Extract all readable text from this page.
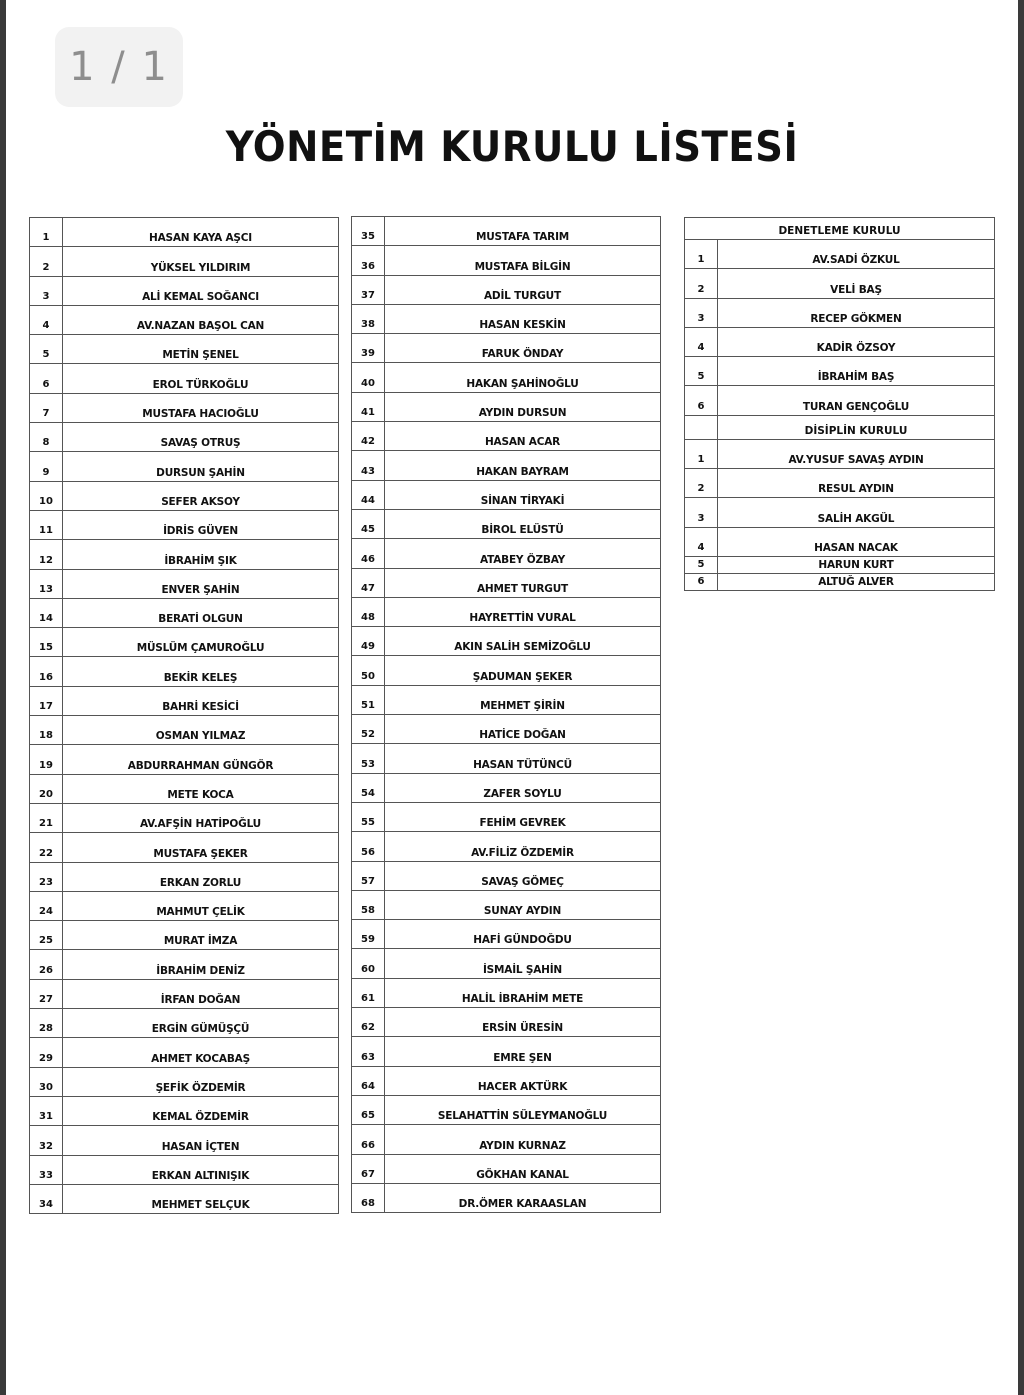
1 / 1
YÖNETİM KURULU LİSTESİ
1	HASAN KAYA AŞCI
2	YÜKSEL YILDIRIM
3	ALİ KEMAL SOĞANCI
4	AV.NAZAN BAŞOL CAN
5	METİN ŞENEL
6	EROL TÜRKOĞLU
7	MUSTAFA HACIOĞLU
8	SAVAŞ OTRUŞ
9	DURSUN ŞAHİN
10	SEFER AKSOY
11	İDRİS GÜVEN
12	İBRAHİM ŞIK
13	ENVER ŞAHİN
14	BERATİ OLGUN
15	MÜSLÜM ÇAMUROĞLU
16	BEKİR KELEŞ
17	BAHRİ KESİCİ
18	OSMAN YILMAZ
19	ABDURRAHMAN GÜNGÖR
20	METE KOCA
21	AV.AFŞİN HATİPOĞLU
22	MUSTAFA ŞEKER
23	ERKAN ZORLU
24	MAHMUT ÇELİK
25	MURAT İMZA
26	İBRAHİM DENİZ
27	İRFAN DOĞAN
28	ERGİN GÜMÜŞÇÜ
29	AHMET KOCABAŞ
30	ŞEFİK ÖZDEMİR
31	KEMAL ÖZDEMİR
32	HASAN İÇTEN
33	ERKAN ALTINIŞIK
34	MEHMET SELÇUK
35	MUSTAFA TARIM
36	MUSTAFA BİLGİN
37	ADİL TURGUT
38	HASAN KESKİN
39	FARUK ÖNDAY
40	HAKAN ŞAHİNOĞLU
41	AYDIN DURSUN
42	HASAN ACAR
43	HAKAN BAYRAM
44	SİNAN TİRYAKİ
45	BİROL ELÜSTÜ
46	ATABEY ÖZBAY
47	AHMET TURGUT
48	HAYRETTİN VURAL
49	AKIN SALİH SEMİZOĞLU
50	ŞADUMAN ŞEKER
51	MEHMET ŞİRİN
52	HATİCE DOĞAN
53	HASAN TÜTÜNCÜ
54	ZAFER SOYLU
55	FEHİM GEVREK
56	AV.FİLİZ ÖZDEMİR
57	SAVAŞ GÖMEÇ
58	SUNAY AYDIN
59	HAFİ GÜNDOĞDU
60	İSMAİL ŞAHİN
61	HALİL İBRAHİM METE
62	ERSİN ÜRESİN
63	EMRE ŞEN
64	HACER AKTÜRK
65	SELAHATTİN SÜLEYMANOĞLU
66	AYDIN KURNAZ
67	GÖKHAN KANAL
68	DR.ÖMER KARAASLAN
DENETLEME KURULU	
1	AV.SADİ ÖZKUL
2	VELİ BAŞ
3	RECEP GÖKMEN
4	KADİR ÖZSOY
5	İBRAHİM BAŞ
6	TURAN GENÇOĞLU
	DİSİPLİN KURULU
1	AV.YUSUF SAVAŞ AYDIN
2	RESUL AYDIN
3	SALİH AKGÜL
4	HASAN NACAK
5	HARUN KURT
6	ALTUĞ ALVER
